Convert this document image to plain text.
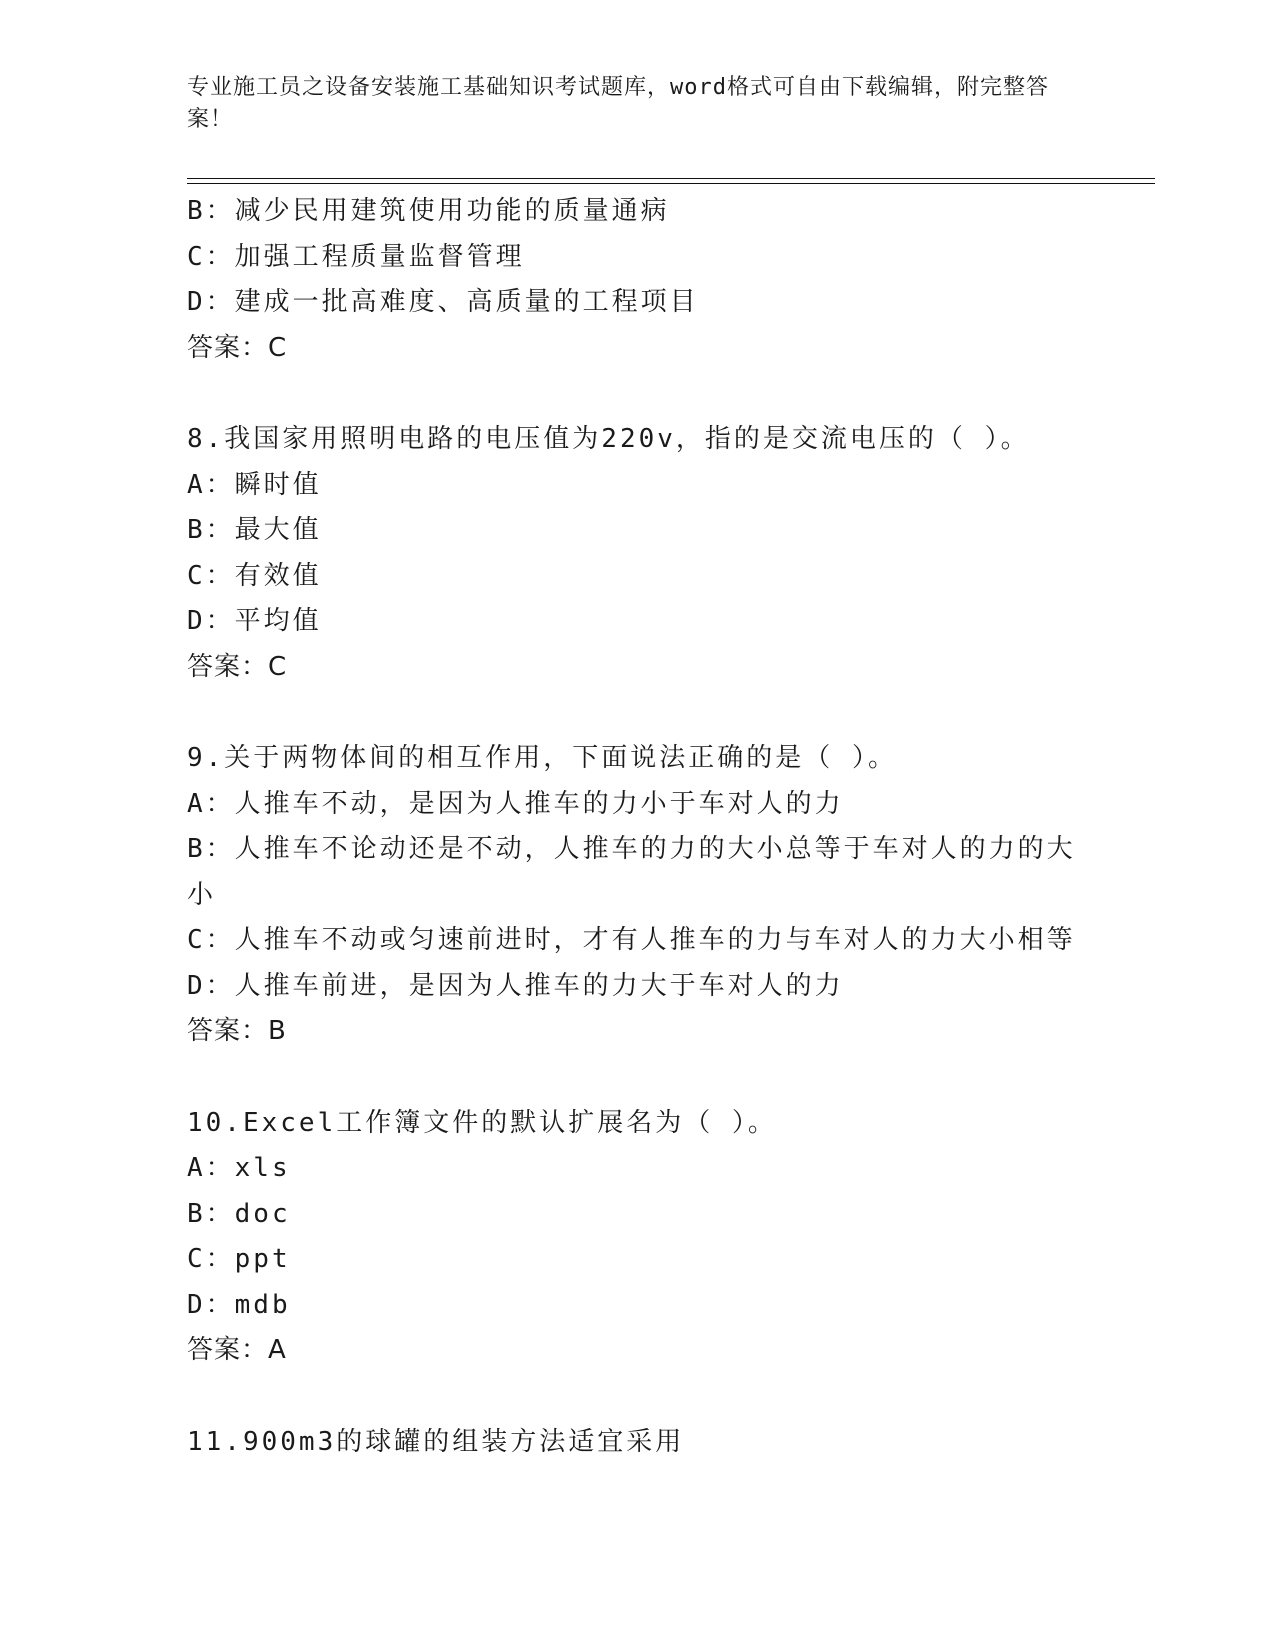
专业施工员之设备安装施工基础知识考试题库，word格式可自由下载编辑，附完整答案！
B：减少民用建筑使用功能的质量通病
C：加强工程质量监督管理
D：建成一批高难度、高质量的工程项目
答案：C
8.我国家用照明电路的电压值为220v，指的是交流电压的（ ）。
A：瞬时值
B：最大值
C：有效值
D：平均值
答案：C
9.关于两物体间的相互作用，下面说法正确的是（ ）。
A：人推车不动，是因为人推车的力小于车对人的力
B：人推车不论动还是不动，人推车的力的大小总等于车对人的力的大小
C：人推车不动或匀速前进时，才有人推车的力与车对人的力大小相等
D：人推车前进，是因为人推车的力大于车对人的力
答案：B
10.Excel工作簿文件的默认扩展名为（ ）。
A：xls
B：doc
C：ppt
D：mdb
答案：A
11.900m3的球罐的组装方法适宜采用
